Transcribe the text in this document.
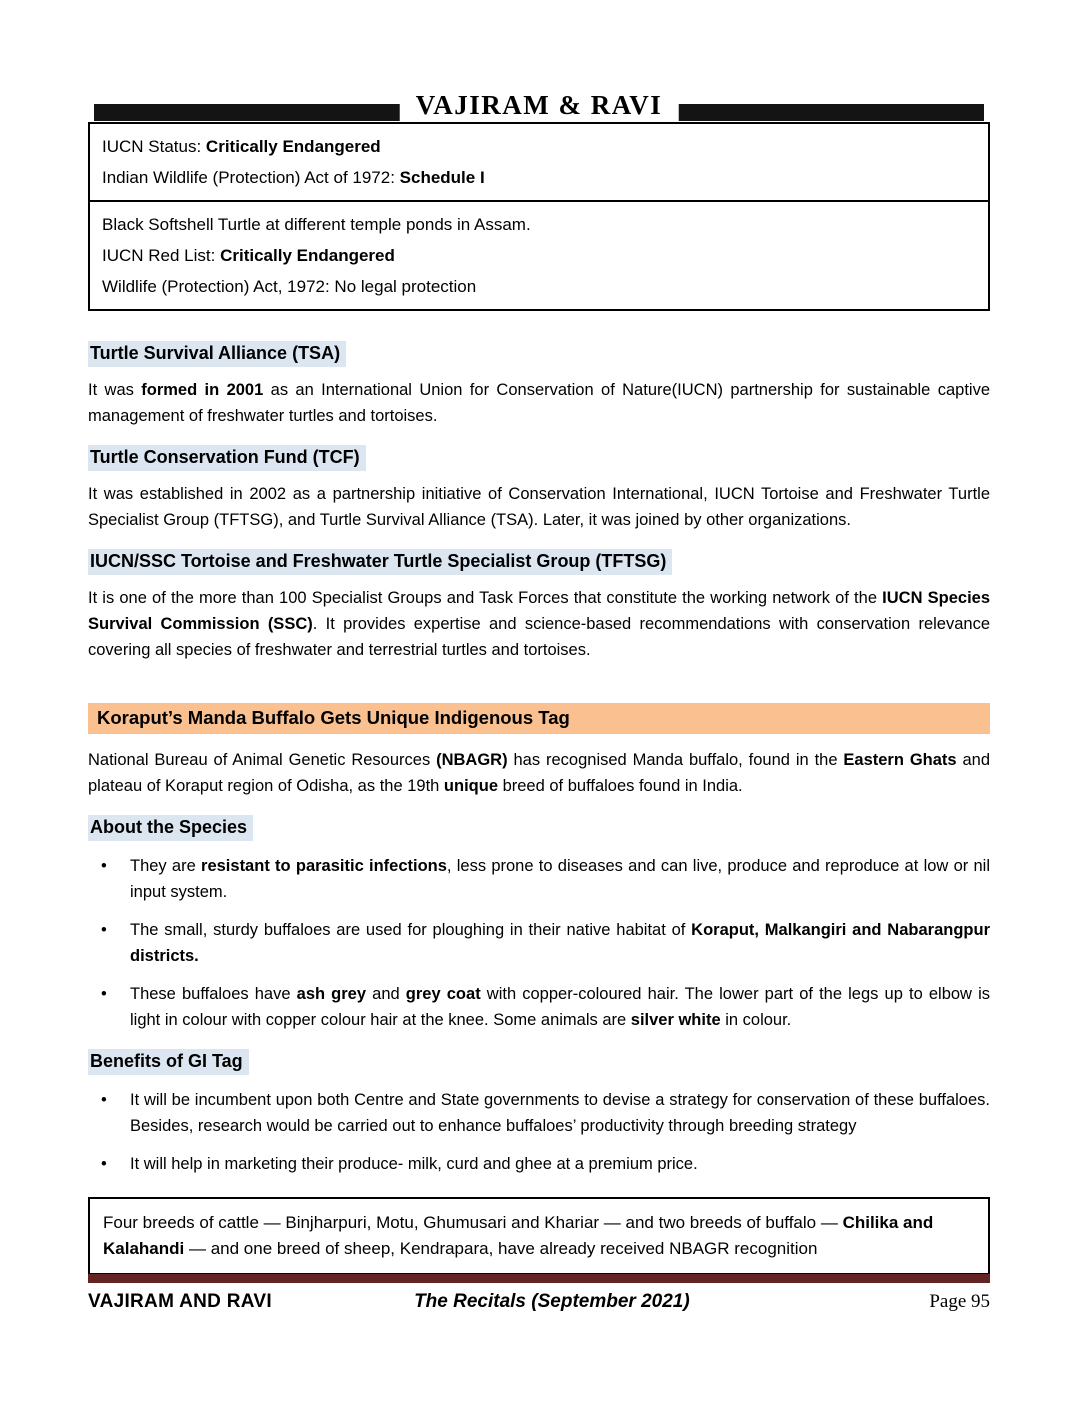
VAJIRAM & RAVI

IUCN Status: Critically Endangered

Indian Wildlife (Protection) Act of 1972: Schedule I

Black Softshell Turtle at different temple ponds in Assam.

IUCN Red List: Critically Endangered

Wildlife (Protection) Act, 1972: No legal protection

Turtle Survival Alliance (TSA)

It was formed in 2001 as an International Union for Conservation of Nature(IUCN) partnership for sustainable captive management of freshwater turtles and tortoises.

Turtle Conservation Fund (TCF)

It was established in 2002 as a partnership initiative of Conservation International, IUCN Tortoise and Freshwater Turtle Specialist Group (TFTSG), and Turtle Survival Alliance (TSA). Later, it was joined by other organizations.

IUCN/SSC Tortoise and Freshwater Turtle Specialist Group (TFTSG)

It is one of the more than 100 Specialist Groups and Task Forces that constitute the working network of the IUCN Species Survival Commission (SSC). It provides expertise and science-based recommendations with conservation relevance covering all species of freshwater and terrestrial turtles and tortoises.

Koraput’s Manda Buffalo Gets Unique Indigenous Tag

National Bureau of Animal Genetic Resources (NBAGR) has recognised Manda buffalo, found in the Eastern Ghats and plateau of Koraput region of Odisha, as the 19th unique breed of buffaloes found in India.

About the Species
• They are resistant to parasitic infections, less prone to diseases and can live, produce and reproduce at low or nil input system.
• The small, sturdy buffaloes are used for ploughing in their native habitat of Koraput, Malkangiri and Nabarangpur districts.
• These buffaloes have ash grey and grey coat with copper-coloured hair. The lower part of the legs up to elbow is light in colour with copper colour hair at the knee. Some animals are silver white in colour.
Benefits of GI Tag
• It will be incumbent upon both Centre and State governments to devise a strategy for conservation of these buffaloes. Besides, research would be carried out to enhance buffaloes’ productivity through breeding strategy
• It will help in marketing their produce- milk, curd and ghee at a premium price.
Four breeds of cattle — Binjharpuri, Motu, Ghumusari and Khariar — and two breeds of buffalo — Chilika and Kalahandi — and one breed of sheep, Kendrapara, have already received NBAGR recognition
VAJIRAM AND RAVI	The Recitals (September 2021)	Page 95
